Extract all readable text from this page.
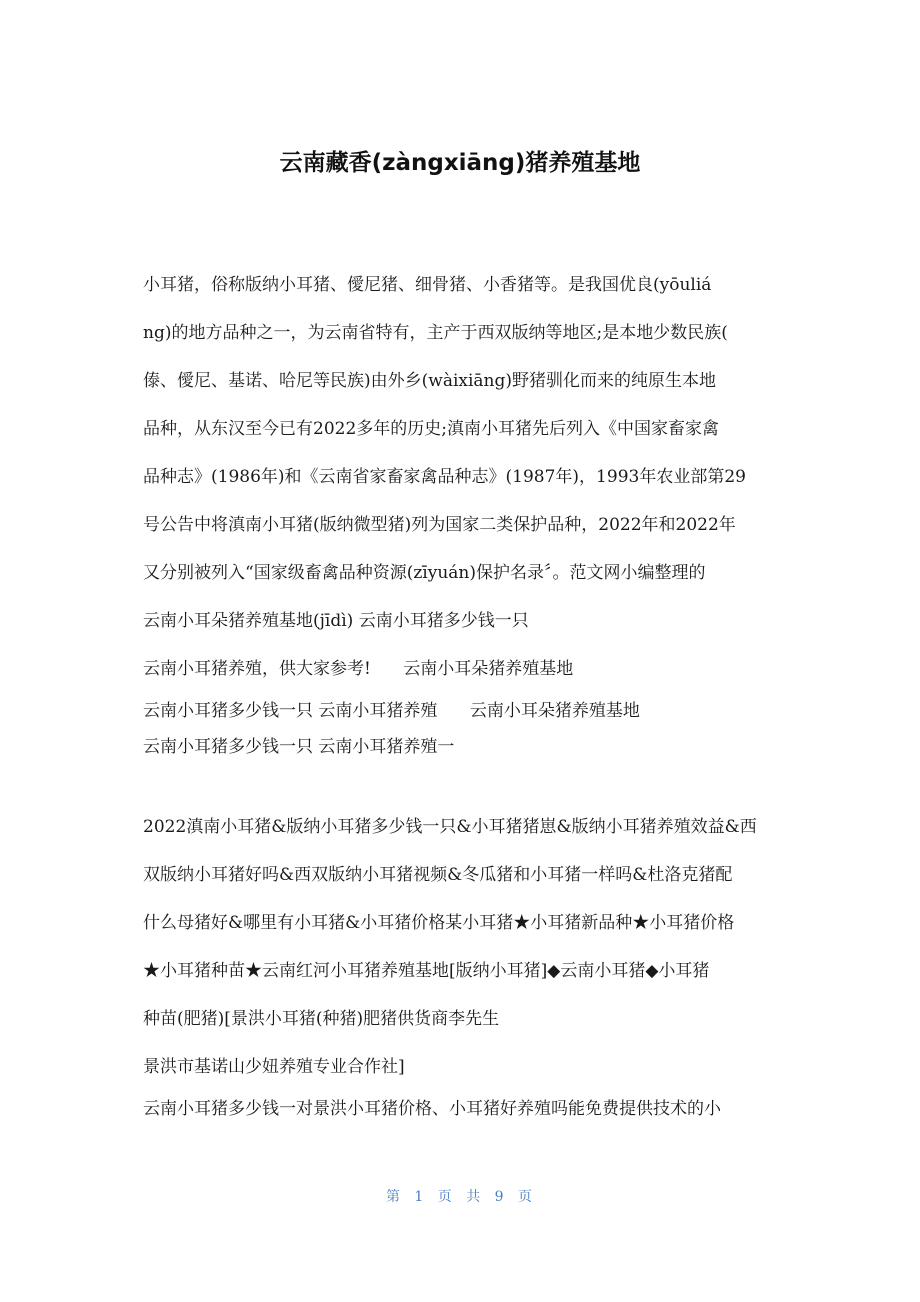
云南藏香(zàngxiāng)猪养殖基地
小耳猪，俗称版纳小耳猪、僾尼猪、细骨猪、小香猪等。是我国优良(yōuliá
ng)的地方品种之一，为云南省特有，主产于西双版纳等地区;是本地少数民族(
傣、僾尼、基诺、哈尼等民族)由外乡(wàixiāng)野猪驯化而来的纯原生本地
品种，从东汉至今已有2022多年的历史;滇南小耳猪先后列入《中国家畜家禽
品种志》(1986年)和《云南省家畜家禽品种志》(1987年)，1993年农业部第29
号公告中将滇南小耳猪(版纳微型猪)列为国家二类保护品种，2022年和2022年
又分别被列入“国家级畜禽品种资源(zīyuán)保护名录〞。范文网小编整理的
云南小耳朵猪养殖基地(jīdì) 云南小耳猪多少钱一只
云南小耳猪养殖，供大家参考!      云南小耳朵猪养殖基地
云南小耳猪多少钱一只 云南小耳猪养殖      云南小耳朵猪养殖基地
云南小耳猪多少钱一只 云南小耳猪养殖一
2022滇南小耳猪&版纳小耳猪多少钱一只&小耳猪猪崽&版纳小耳猪养殖效益&西
双版纳小耳猪好吗&西双版纳小耳猪视频&冬瓜猪和小耳猪一样吗&杜洛克猪配
什么母猪好&哪里有小耳猪&小耳猪价格某小耳猪★小耳猪新品种★小耳猪价格
★小耳猪种苗★云南红河小耳猪养殖基地[版纳小耳猪]◆云南小耳猪◆小耳猪
种苗(肥猪)[景洪小耳猪(种猪)肥猪供货商李先生
景洪市基诺山少妞养殖专业合作社]
云南小耳猪多少钱一对景洪小耳猪价格、小耳猪好养殖吗能免费提供技术的小
第 1 页 共 9 页
